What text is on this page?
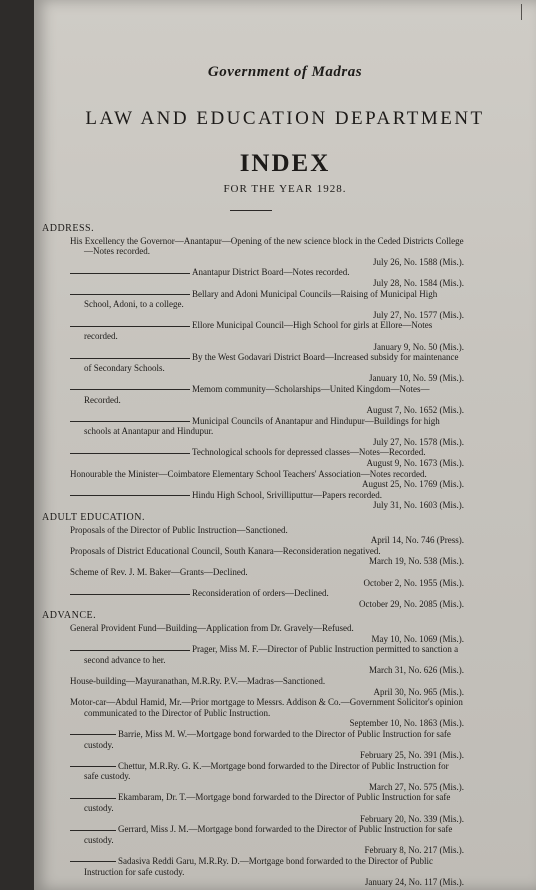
Government of Madras
LAW AND EDUCATION DEPARTMENT
INDEX
FOR THE YEAR 1928.
ADDRESS.
His Excellency the Governor—Anantapur—Opening of the new science block in the Ceded Districts College—Notes recorded.
July 26, No. 1588 (Mis.).
Anantapur District Board—Notes recorded.
July 28, No. 1584 (Mis.).
Bellary and Adoni Municipal Councils—Raising of Municipal High School, Adoni, to a college.
July 27, No. 1577 (Mis.).
Ellore Municipal Council—High School for girls at Ellore—Notes recorded.
January 9, No. 50 (Mis.).
By the West Godavari District Board—Increased subsidy for maintenance of Secondary Schools.
January 10, No. 59 (Mis.).
Memom community—Scholarships—United Kingdom—Notes—Recorded.
August 7, No. 1652 (Mis.).
Municipal Councils of Anantapur and Hindupur—Buildings for high schools at Anantapur and Hindupur.
July 27, No. 1578 (Mis.).
Technological schools for depressed classes—Notes—Recorded.
August 9, No. 1673 (Mis.).
Honourable the Minister—Coimbatore Elementary School Teachers' Association—Notes recorded.
August 25, No. 1769 (Mis.).
Hindu High School, Srivilliputtur—Papers recorded.
July 31, No. 1603 (Mis.).
ADULT EDUCATION.
Proposals of the Director of Public Instruction—Sanctioned.
April 14, No. 746 (Press).
Proposals of District Educational Council, South Kanara—Reconsideration negatived.
March 19, No. 538 (Mis.).
Scheme of Rev. J. M. Baker—Grants—Declined.
October 2, No. 1955 (Mis.).
Reconsideration of orders—Declined.
October 29, No. 2085 (Mis.).
ADVANCE.
General Provident Fund—Building—Application from Dr. Gravely—Refused.
May 10, No. 1069 (Mis.).
Prager, Miss M. F.—Director of Public Instruction permitted to sanction a second advance to her.
March 31, No. 626 (Mis.).
House-building—Mayuranathan, M.R.Ry. P.V.—Madras—Sanctioned.
April 30, No. 965 (Mis.).
Motor-car—Abdul Hamid, Mr.—Prior mortgage to Messrs. Addison & Co.—Government Solicitor's opinion communicated to the Director of Public Instruction.
September 10, No. 1863 (Mis.).
Barrie, Miss M. W.—Mortgage bond forwarded to the Director of Public Instruction for safe custody.
February 25, No. 391 (Mis.).
Chettur, M.R.Ry. G. K.—Mortgage bond forwarded to the Director of Public Instruction for safe custody.
March 27, No. 575 (Mis.).
Ekambaram, Dr. T.—Mortgage bond forwarded to the Director of Public Instruction for safe custody.
February 20, No. 339 (Mis.).
Gerrard, Miss J. M.—Mortgage bond forwarded to the Director of Public Instruction for safe custody.
February 8, No. 217 (Mis.).
Sadasiva Reddi Garu, M.R.Ry. D.—Mortgage bond forwarded to the Director of Public Instruction for safe custody.
January 24, No. 117 (Mis.).
